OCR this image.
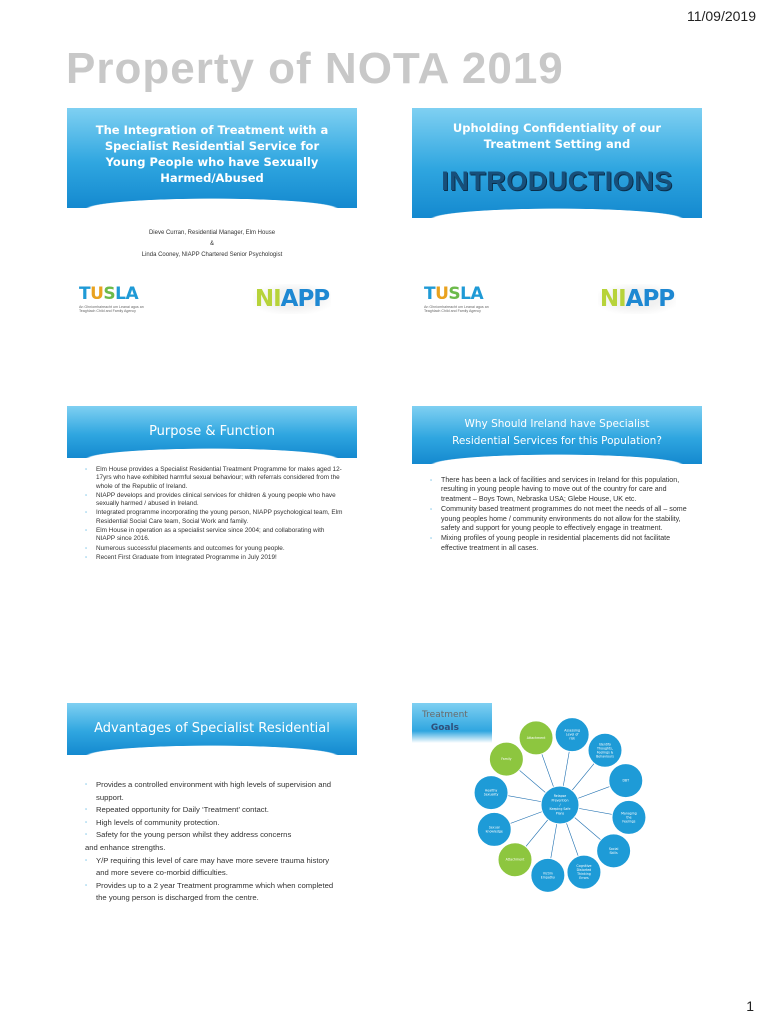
11/09/2019
Property of NOTA 2019
The Integration of Treatment with a Specialist Residential Service for Young People who have Sexually Harmed/Abused
Dieve Curran, Residential Manager, Elm House
&
Linda Cooney, NIAPP Chartered Senior Psychologist
TUSLA
An Ghníomhaireacht um Leanaí agus an Teaghlach Child and Family Agency	NIAPP
Upholding Confidentiality of our Treatment Setting and
INTRODUCTIONS
TUSLA
An Ghníomhaireacht um Leanaí agus an Teaghlach Child and Family Agency	NIAPP
Purpose & Function
◦ Elm House provides a Specialist Residential Treatment Programme for males aged 12-17yrs who have exhibited harmful sexual behaviour; with referrals considered from the whole of the Republic of Ireland.
◦ NIAPP develops and provides clinical services for children & young people who have sexually harmed / abused in Ireland.
◦ Integrated programme incorporating the young person, NIAPP psychological team, Elm Residential Social Care team, Social Work and family.
◦ Elm House in operation as a specialist service since 2004; and collaborating with NIAPP since 2016.
◦ Numerous successful placements and outcomes for young people.
◦ Recent First Graduate from Integrated Programme in July 2019!
Why Should Ireland have Specialist
Residential Services for this Population?
◦ There has been a lack of facilities and services in Ireland for this population, resulting in young people having to move out of the country for care and treatment – Boys Town, Nebraska USA; Glebe House, UK etc.
◦ Community based treatment programmes do not meet the needs of all – some young peoples home / community environments do not allow for the stability, safety and support for young people to effectively engage in treatment.
◦ Mixing profiles of young people in residential placements did not facilitate effective treatment in all cases.
Advantages of Specialist Residential
◦ Provides a controlled environment with high levels of supervision and support.
◦ Repeated opportunity for Daily ‘Treatment’ contact.
◦ High levels of community protection.
◦ Safety for the young person whilst they address concerns
and enhance strengths.
◦ Y/P requiring this level of care may have more severe trauma history and more severe co-morbid difficulties.
◦ Provides up to a 2 year Treatment programme which when completed the young person is discharged from the centre.
Treatment
Goals
Relapse
Prevention
/
Keeping Safe
Plans
Assessing
Level of
risk
Identify
Thoughts,
Feelings &
Behaviours
DBT
Managing
the
Feelings
Social
Skills
Cognitive
Distorted
Thinking
Errors
Victim
Empathy
Attachment
Sexual
knowledge
Healthy
Sexuality
Family
Attachment
1
